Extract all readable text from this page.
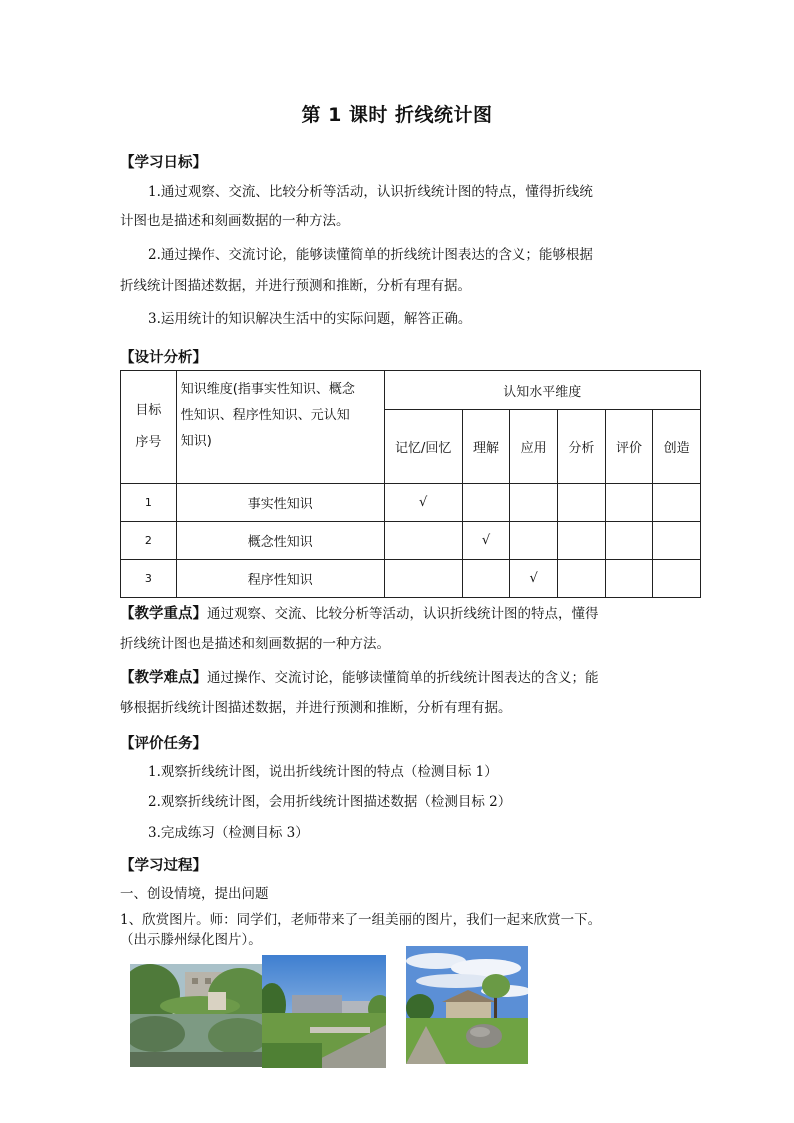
第 1 课时 折线统计图
【学习日标】
1.通过观察、交流、比较分析等活动，认识折线统计图的特点，懂得折线统
计图也是描述和刻画数据的一种方法。
2.通过操作、交流讨论，能够读懂简单的折线统计图表达的含义；能够根据
折线统计图描述数据，并进行预测和推断，分析有理有据。
3.运用统计的知识解决生活中的实际问题，解答正确。
【设计分析】
目标
序号	知识维度(指事实性知识、概念
性知识、程序性知识、元认知
知识)	认知水平维度					
		记忆/回忆	理解	应用	分析	评价	创造
1	事实性知识	√					
2	概念性知识		√				
3	程序性知识			√			
【教学重点】通过观察、交流、比较分析等活动，认识折线统计图的特点，懂得
折线统计图也是描述和刻画数据的一种方法。
【教学难点】通过操作、交流讨论，能够读懂简单的折线统计图表达的含义；能
够根据折线统计图描述数据，并进行预测和推断，分析有理有据。
【评价任务】
1.观察折线统计图，说出折线统计图的特点（检测目标 1）
2.观察折线统计图，会用折线统计图描述数据（检测目标 2）
3.完成练习（检测目标 3）
【学习过程】
一、创设情境，提出问题
1、欣赏图片。师：同学们，老师带来了一组美丽的图片，我们一起来欣赏一下。
（出示滕州绿化图片）。
